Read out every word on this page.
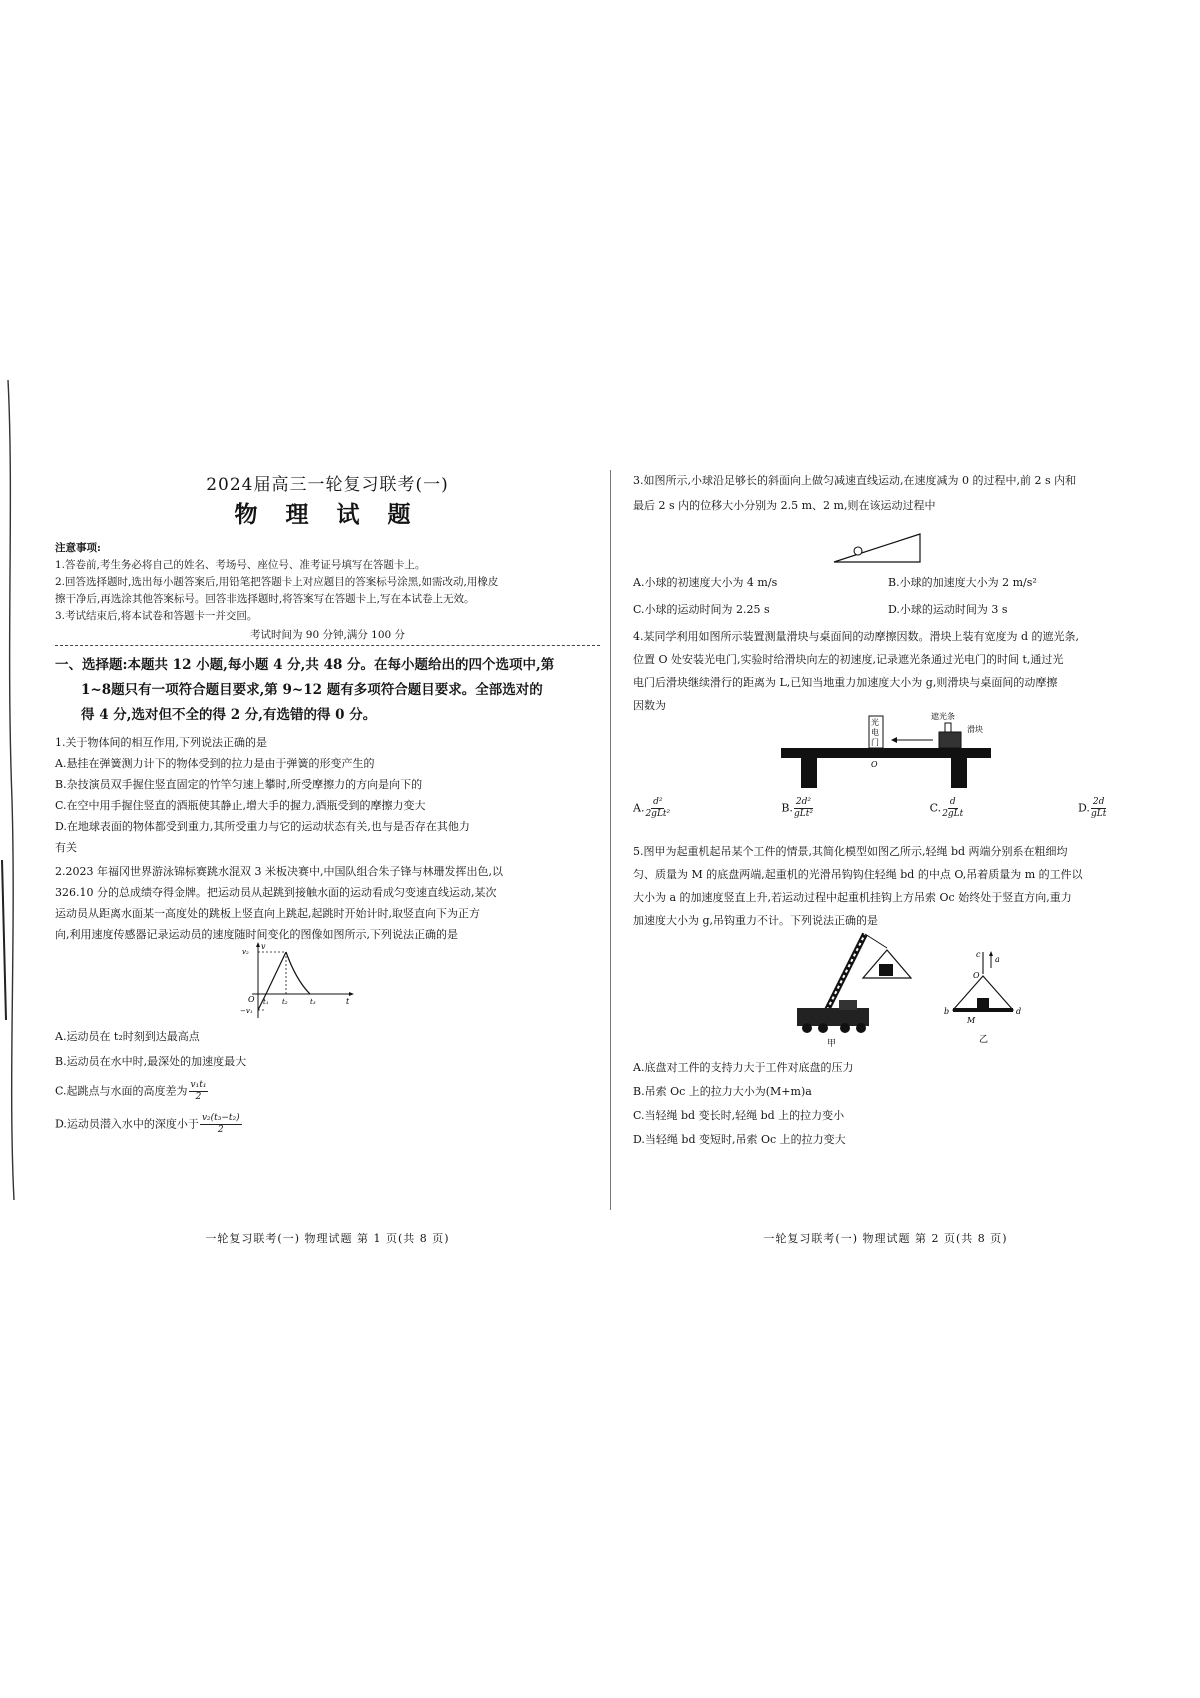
2024届高三一轮复习联考(一)
物 理 试 题
注意事项:
1.答卷前,考生务必将自己的姓名、考场号、座位号、准考证号填写在答题卡上。
2.回答选择题时,选出每小题答案后,用铅笔把答题卡上对应题目的答案标号涂黑,如需改动,用橡皮
擦干净后,再选涂其他答案标号。回答非选择题时,将答案写在答题卡上,写在本试卷上无效。
3.考试结束后,将本试卷和答题卡一并交回。
考试时间为 90 分钟,满分 100 分
一、选择题:本题共 12 小题,每小题 4 分,共 48 分。在每小题给出的四个选项中,第
1~8题只有一项符合题目要求,第 9~12 题有多项符合题目要求。全部选对的
得 4 分,选对但不全的得 2 分,有选错的得 0 分。
1.关于物体间的相互作用,下列说法正确的是
A.悬挂在弹簧测力计下的物体受到的拉力是由于弹簧的形变产生的
B.杂技演员双手握住竖直固定的竹竿匀速上攀时,所受摩擦力的方向是向下的
C.在空中用手握住竖直的酒瓶使其静止,增大手的握力,酒瓶受到的摩擦力变大
D.在地球表面的物体都受到重力,其所受重力与它的运动状态有关,也与是否存在其他力
有关
2.2023 年福冈世界游泳锦标赛跳水混双 3 米板决赛中,中国队组合朱子锋与林珊发挥出色,以
326.10 分的总成绩夺得金牌。把运动员从起跳到接触水面的运动看成匀变速直线运动,某次
运动员从距离水面某一高度处的跳板上竖直向上跳起,起跳时开始计时,取竖直向下为正方
向,利用速度传感器记录运动员的速度随时间变化的图像如图所示,下列说法正确的是
v
t
O
v₂
−v₁
t₁ t₂	t₃
A.运动员在 t₂时刻到达最高点
B.运动员在水中时,最深处的加速度最大
C.起跳点与水面的高度差为 $\frac{\text{v₁t₁}}{2}$
D.运动员潜入水中的深度小于 $\frac{\text{v₂(t₃−t₂)}}{2}$
一轮复习联考(一) 物理试题 第 1 页(共 8 页)
3.如图所示,小球沿足够长的斜面向上做匀减速直线运动,在速度减为 0 的过程中,前 2 s 内和
最后 2 s 内的位移大小分别为 2.5 m、2 m,则在该运动过程中
A.小球的初速度大小为 4 m/s	B.小球的加速度大小为 2 m/s²
C.小球的运动时间为 2.25 s	D.小球的运动时间为 3 s
4.某同学利用如图所示装置测量滑块与桌面间的动摩擦因数。滑块上装有宽度为 d 的遮光条,
位置 O 处安装光电门,实验时给滑块向左的初速度,记录遮光条通过光电门的时间 t,通过光
电门后滑块继续滑行的距离为 L,已知当地重力加速度大小为 g,则滑块与桌面间的动摩擦
因数为
光
电
门
O
遮光条
滑块
A. $\frac{\text{d²}}{\text{2gLt²}}$	B. $\frac{\text{2d²}}{\text{gLt²}}$	C. $\frac{d}{\text{2gLt}}$	D. $\frac{2d}{\text{gLt}}$
5.图甲为起重机起吊某个工件的情景,其简化模型如图乙所示,轻绳 bd 两端分别系在粗细均
匀、质量为 M 的底盘两端,起重机的光滑吊钩钩住轻绳 bd 的中点 O,吊着质量为 m 的工件以
大小为 a 的加速度竖直上升,若运动过程中起重机挂钩上方吊索 Oc 始终处于竖直方向,重力
加速度大小为 g,吊钩重力不计。下列说法正确的是
甲
c
a
O
b	d
M
乙
A.底盘对工件的支持力大于工件对底盘的压力
B.吊索 Oc 上的拉力大小为(M+m)a
C.当轻绳 bd 变长时,轻绳 bd 上的拉力变小
D.当轻绳 bd 变短时,吊索 Oc 上的拉力变大
一轮复习联考(一) 物理试题 第 2 页(共 8 页)
